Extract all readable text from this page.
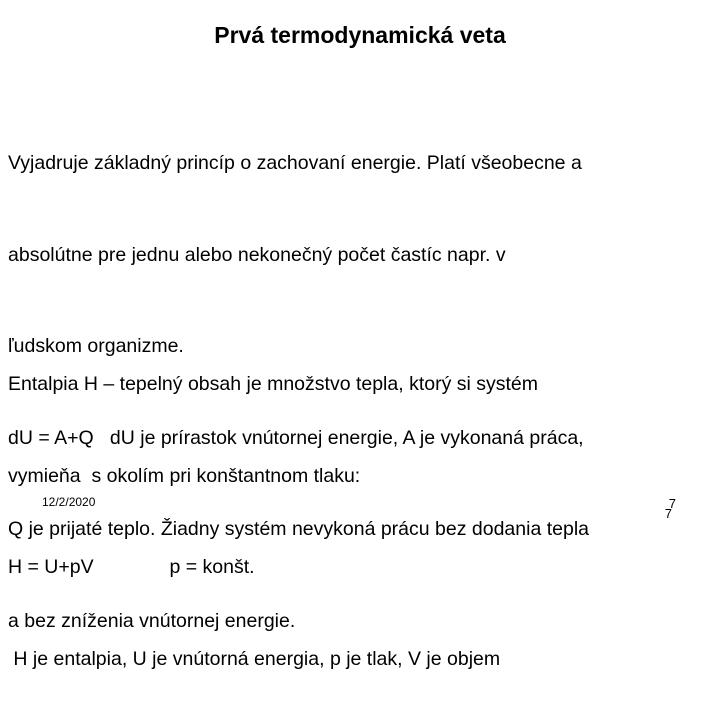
Prvá termodynamická veta

Vyjadruje základný princíp o zachovaní energie. Platí všeobecne a

absolútne pre jednu alebo nekonečný počet častíc napr. v

ľudskom organizme.

dU = A+Q   dU je prírastok vnútornej energie, A je vykonaná práca,

Q je prijaté teplo. Žiadny systém nevykoná prácu bez dodania tepla

a bez zníženia vnútornej energie.

Entalpia H – tepelný obsah je množstvo tepla, ktorý si systém

vymieňa  s okolím pri konštantnom tlaku:

H = U+pV              p = konšt.

H je entalpia, U je vnútorná energia, p je tlak, V je objem

12/2/2020	7
7
